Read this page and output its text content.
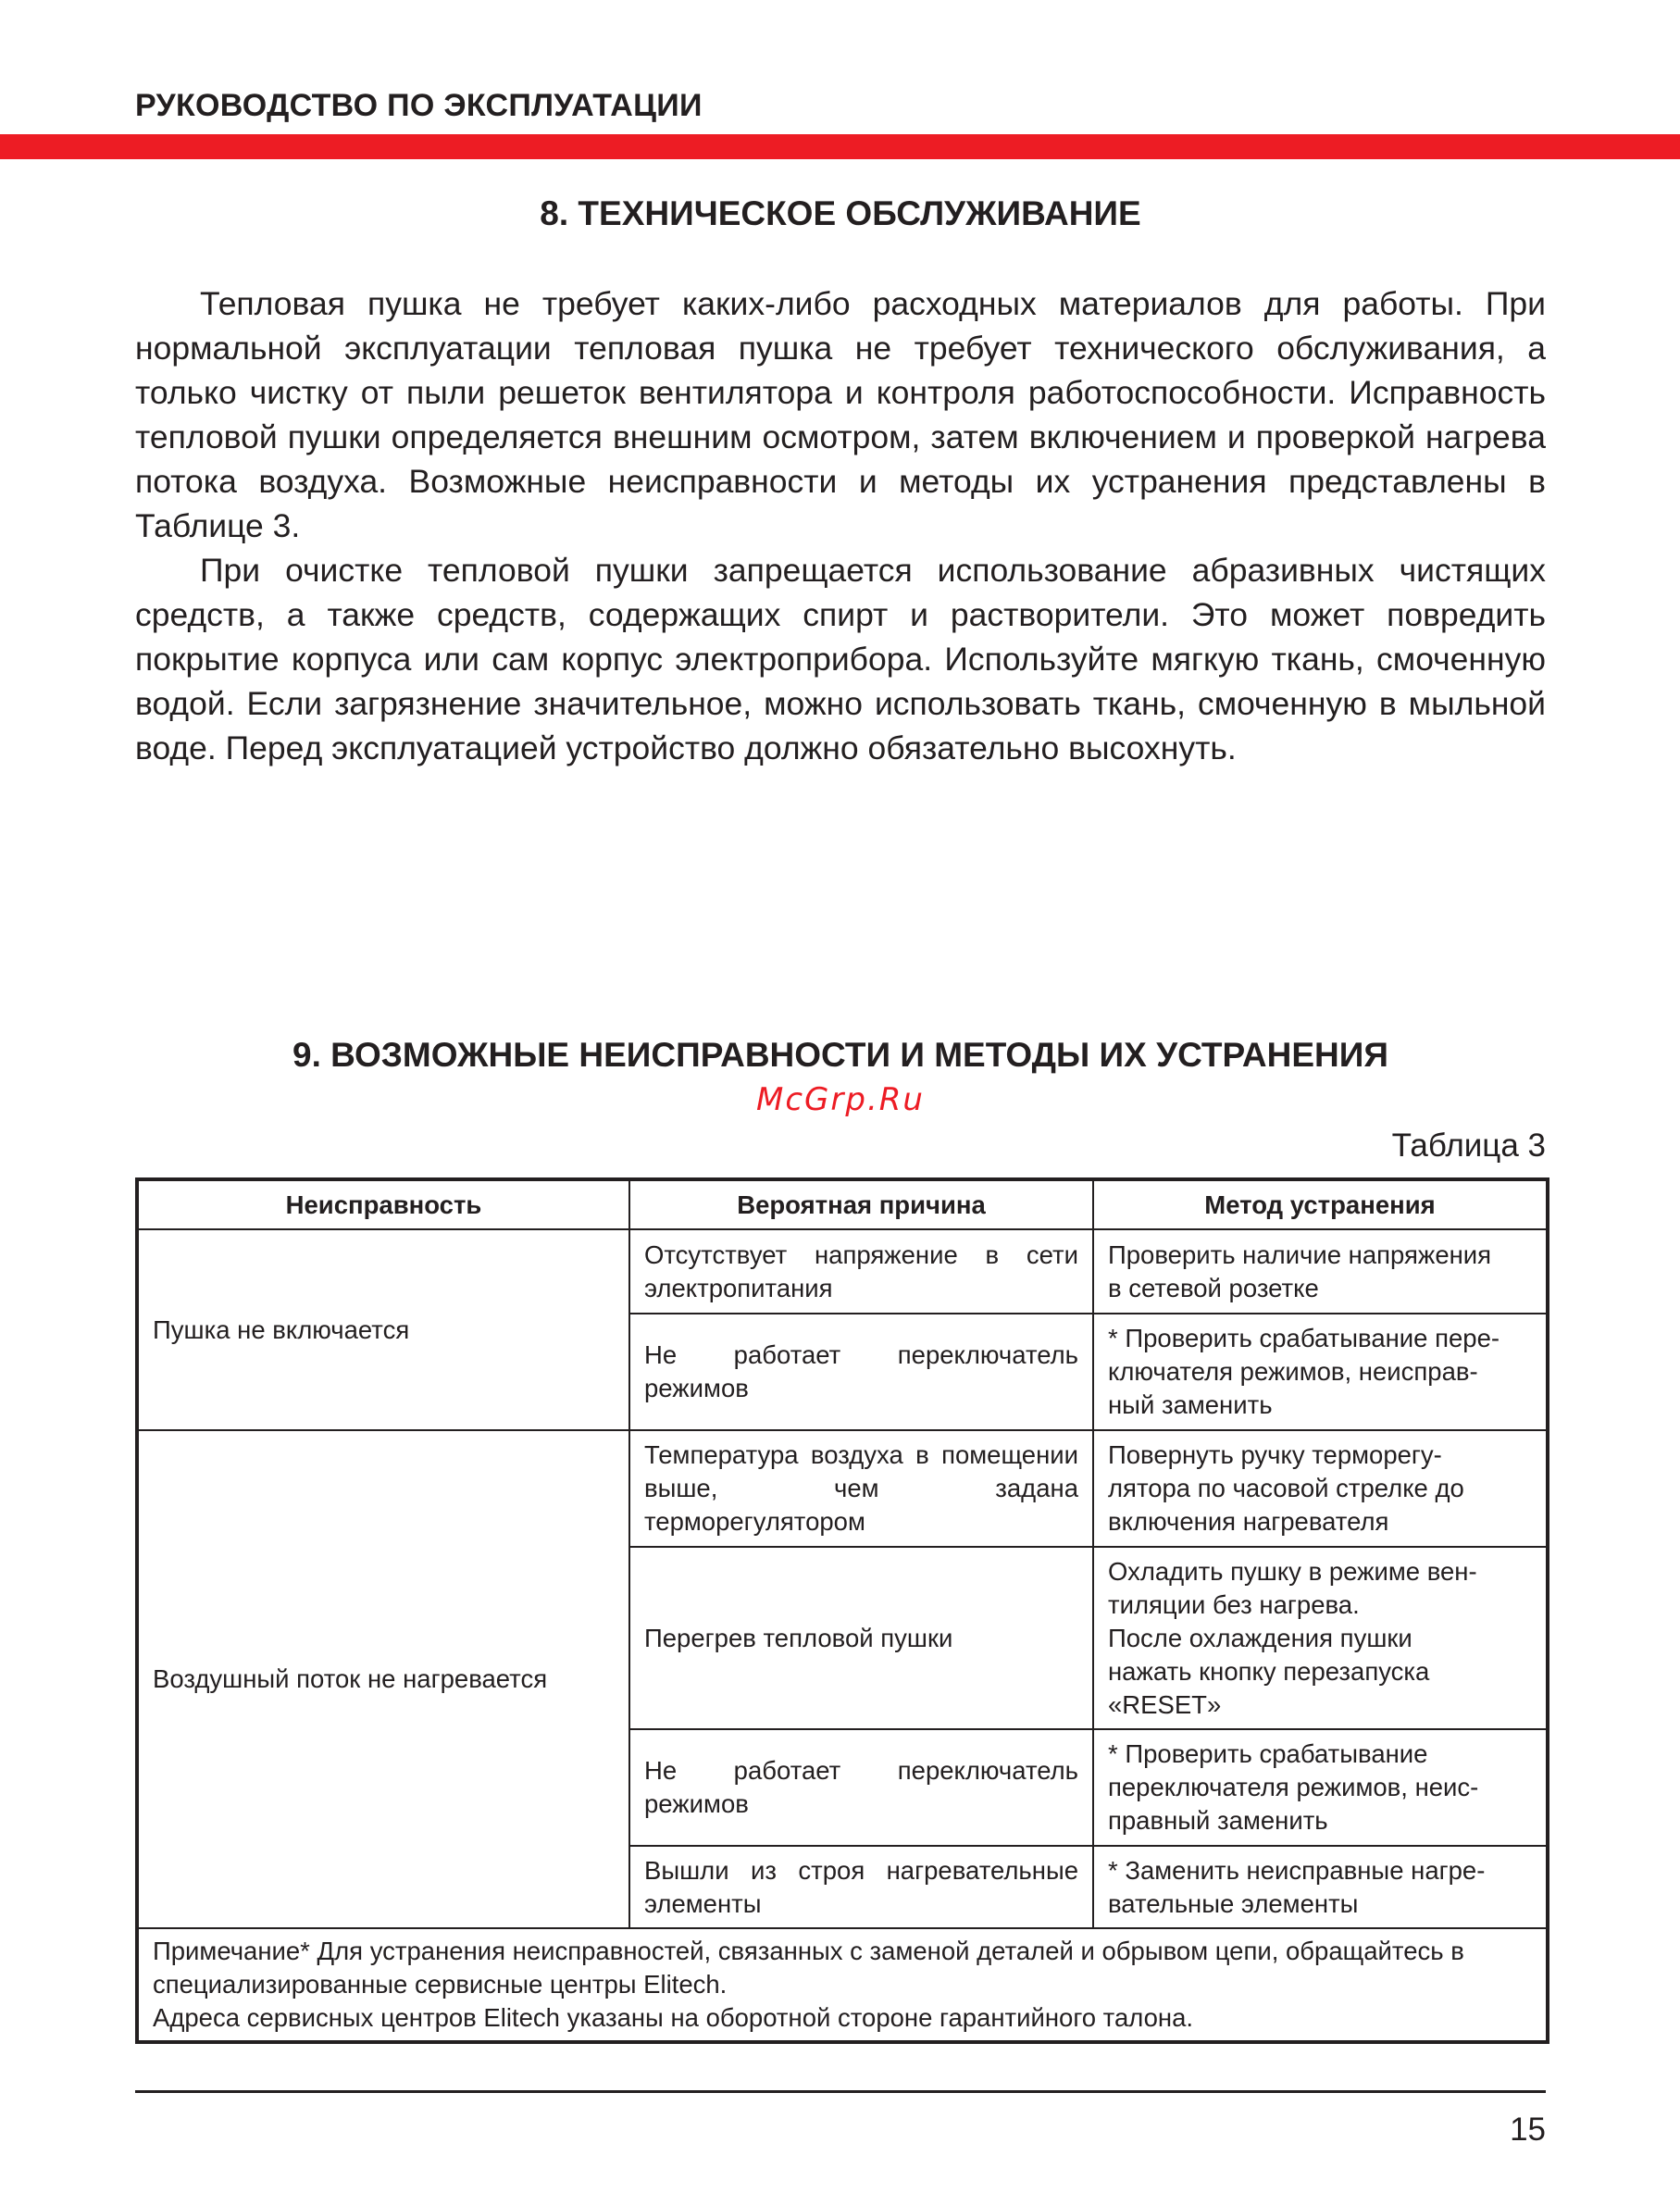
РУКОВОДСТВО ПО ЭКСПЛУАТАЦИИ
8. ТЕХНИЧЕСКОЕ ОБСЛУЖИВАНИЕ

Тепловая пушка не требует каких-либо расходных материалов для работы. При нормальной эксплуатации тепловая пушка не требует технического обслуживания, а только чистку от пыли решеток вентилятора и контроля работоспособности. Исправность тепловой пушки определяется внешним осмотром, затем включением и проверкой нагрева потока воздуха. Возможные неисправности и методы их устранения представлены в Таблице 3.

При очистке тепловой пушки запрещается использование абразивных чистящих средств, а также средств, содержащих спирт и растворители. Это может повредить покрытие корпуса или сам корпус электроприбора. Используйте мягкую ткань, смоченную водой. Если загрязнение значительное, можно использовать ткань, смоченную в мыльной воде. Перед эксплуатацией устройство должно обязательно высохнуть.

9. ВОЗМОЖНЫЕ НЕИСПРАВНОСТИ И МЕТОДЫ ИХ УСТРАНЕНИЯ
McGrp.Ru
Таблица 3
Неисправность	Вероятная причина	Метод устранения
Пушка не включается	Отсутствует напряжение в сети электропитания	Проверить наличие напряжения
в сетевой розетке
	Не работает переключатель режимов	* Проверить срабатывание пере-
ключателя режимов, неисправ-
ный заменить
Воздушный поток не нагревается	Температура воздуха в помещении выше, чем задана терморегулятором	Повернуть ручку терморегу-
лятора по часовой стрелке до
включения нагревателя
	Перегрев тепловой пушки	Охладить пушку в режиме вен-
тиляции без нагрева.
После охлаждения пушки
нажать кнопку перезапуска
«RESET»
	Не работает переключатель режимов	* Проверить срабатывание
переключателя режимов, неис-
правный заменить
	Вышли из строя нагревательные элементы	* Заменить неисправные нагре-
вательные элементы

Примечание* Для устранения неисправностей, связанных с заменой деталей и обрывом цепи, обращайтесь в специализированные сервисные центры Elitech.
Адреса сервисных центров Elitech указаны на оборотной стороне гарантийного талона.		
15
